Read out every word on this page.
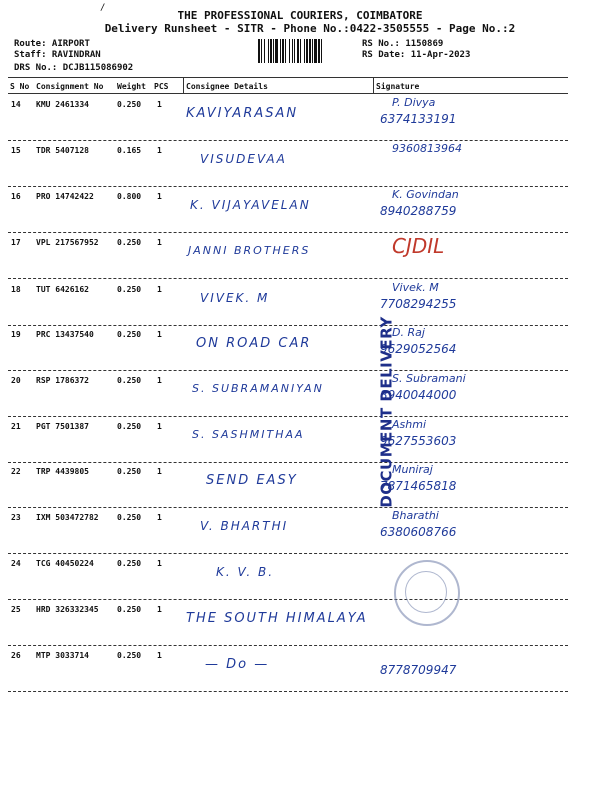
/
THE PROFESSIONAL COURIERS, COIMBATORE
Delivery Runsheet - SITR - Phone No.:0422-3505555 - Page No.:2
Route: AIRPORT
Staff: RAVINDRAN
DRS No.: DCJB115086902
RS No.: 1150869
RS Date: 11-Apr-2023
S No Consignment No Weight PCS Consignee Details	Signature
14 KMU 2461334	0.250 1
KAVIYARASAN
P. Divya
6374133191
15 TDR 5407128	0.165 1
VISUDEVAA
9360813964
16 PRO 14742422	0.800 1
K. VIJAYAVELAN
K. Govindan
8940288759
17 VPL 217567952 0.250 1
JANNI BROTHERS	CJDIL
18 TUT 6426162	0.250 1
VIVEK. M
Vivek. M
7708294255
19 PRC 13437540	0.250 1
ON ROAD CAR
D. Raj
9629052564
20 RSP 1786372	0.250 1
S. SUBRAMANIYAN
S. Subramani
8940044000
21 PGT 7501387	0.250 1
S. SASHMITHAA
Ashmi
9627553603
22 TRP 4439805	0.250 1
SEND EASY
Muniraj
7871465818
23 IXM 503472782 0.250 1
V. BHARTHI
Bharathi
6380608766
24 TCG 40450224	0.250 1
K. V. B.
25 HRD 326332345 0.250 1
THE SOUTH HIMALAYA
26 MTP 3033714	0.250 1
— Do —	8778709947
DOCUMENT DELIVERY
